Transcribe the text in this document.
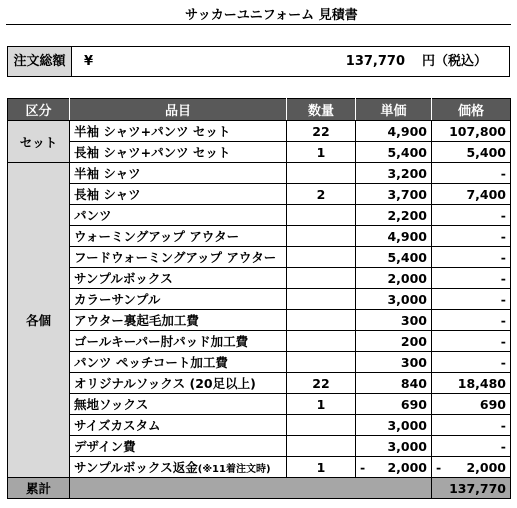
サッカーユニフォーム 見積書
注文総額	¥	137,770 円（税込）
区分	品目	数量	単価	価格
セット	半袖 シャツ+パンツ セット	22	4,900	107,800
	長袖 シャツ+パンツ セット	1	5,400	5,400
各個	半袖 シャツ		3,200	-
	長袖 シャツ	2	3,700	7,400
	パンツ		2,200	-
	ウォーミングアップ アウター		4,900	-
	フードウォーミングアップ アウター		5,400	-
	サンプルボックス		2,000	-
	カラーサンプル		3,000	-
	アウター裏起毛加工費		300	-
	ゴールキーパー肘パッド加工費		200	-
	パンツ ペッチコート加工費		300	-
	オリジナルソックス (20足以上)	22	840	18,480
	無地ソックス	1	690	690
	サイズカスタム		3,000	-
	デザイン費		3,000	-
	サンプルボックス返金(※11着注文時)	1	- 2,000	- 2,000
累計				137,770
